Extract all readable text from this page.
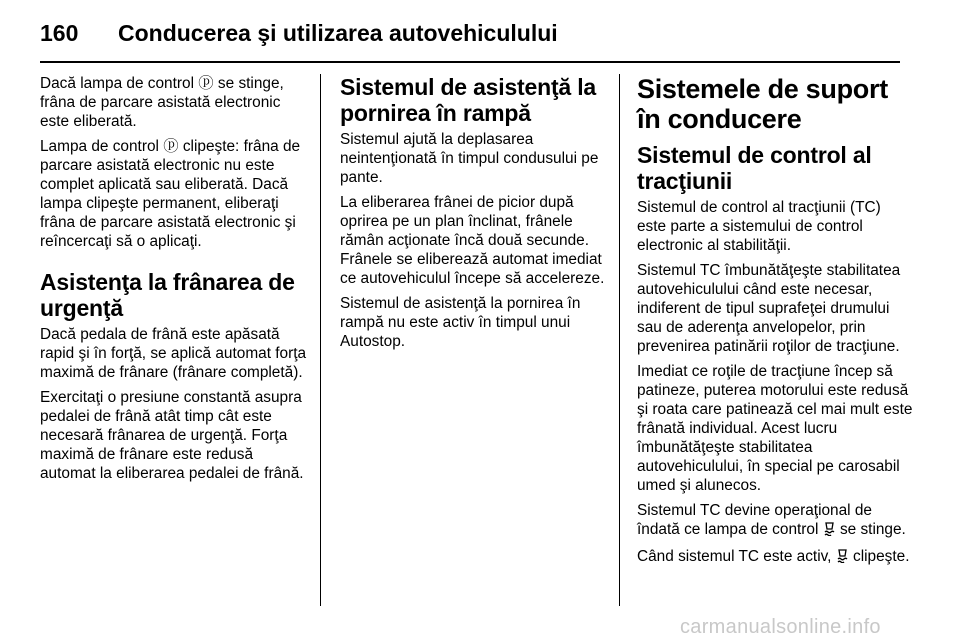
160 Conducerea şi utilizarea autovehiculului

Dacă lampa de control ⓟ se stinge, frâna de parcare asistată electronic este eliberată.

Lampa de control ⓟ clipeşte: frâna de parcare asistată electronic nu este complet aplicată sau eliberată. Dacă lampa clipeşte permanent, eliberaţi frâna de parcare asistată electronic şi reîncercaţi să o aplicaţi.

Asistenţa la frânarea de urgenţă

Dacă pedala de frână este apăsată rapid şi în forţă, se aplică automat forţa maximă de frânare (frânare completă).

Exercitaţi o presiune constantă asupra pedalei de frână atât timp cât este necesară frânarea de urgenţă. Forţa maximă de frânare este redusă automat la eliberarea pedalei de frână.

Sistemul de asistenţă la pornirea în rampă

Sistemul ajută la deplasarea neintenţionată în timpul condusului pe pante.

La eliberarea frânei de picior după oprirea pe un plan înclinat, frânele rămân acţionate încă două secunde. Frânele se eliberează automat imediat ce autovehiculul începe să accelereze.

Sistemul de asistenţă la pornirea în rampă nu este activ în timpul unui Autostop.

Sistemele de suport în conducere
Sistemul de control al tracţiunii

Sistemul de control al tracţiunii (TC) este parte a sistemului de control electronic al stabilităţii.

Sistemul TC îmbunătăţeşte stabilitatea autovehiculului când este necesar, indiferent de tipul suprafeţei drumului sau de aderenţa anvelopelor, prin prevenirea patinării roţilor de tracţiune.

Imediat ce roţile de tracţiune încep să patineze, puterea motorului este redusă şi roata care patinează cel mai mult este frânată individual. Acest lucru îmbunătăţeşte stabilitatea autovehiculului, în special pe carosabil umed şi alunecos.

Sistemul TC devine operaţional de îndată ce lampa de control  se stinge.

Când sistemul TC este activ,  clipeşte.

carmanualsonline.info
